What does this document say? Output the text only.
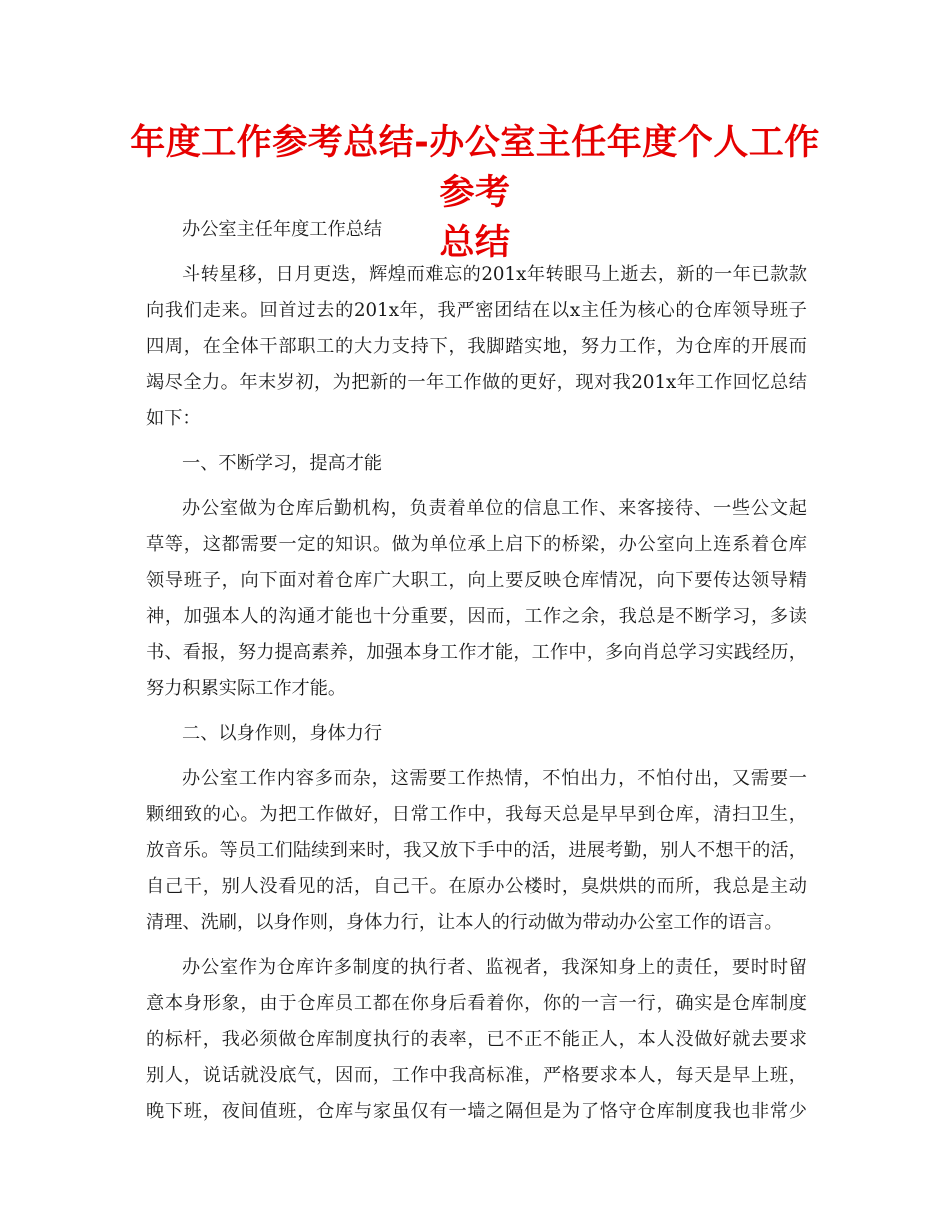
年度工作参考总结-办公室主任年度个人工作参考
总结
办公室主任年度工作总结
斗转星移，日月更迭，辉煌而难忘的201x年转眼马上逝去，新的一年已款款
向我们走来。回首过去的201x年，我严密团结在以x主任为核心的仓库领导班子
四周，在全体干部职工的大力支持下，我脚踏实地，努力工作，为仓库的开展而
竭尽全力。年末岁初，为把新的一年工作做的更好，现对我201x年工作回忆总结
如下：
一、不断学习，提高才能
办公室做为仓库后勤机构，负责着单位的信息工作、来客接待、一些公文起
草等，这都需要一定的知识。做为单位承上启下的桥梁，办公室向上连系着仓库
领导班子，向下面对着仓库广大职工，向上要反映仓库情况，向下要传达领导精
神，加强本人的沟通才能也十分重要，因而，工作之余，我总是不断学习，多读
书、看报，努力提高素养，加强本身工作才能，工作中，多向肖总学习实践经历，
努力积累实际工作才能。
二、以身作则，身体力行
办公室工作内容多而杂，这需要工作热情，不怕出力，不怕付出，又需要一
颗细致的心。为把工作做好，日常工作中，我每天总是早早到仓库，清扫卫生，
放音乐。等员工们陆续到来时，我又放下手中的活，进展考勤，别人不想干的活，
自己干，别人没看见的活，自己干。在原办公楼时，臭烘烘的而所，我总是主动
清理、洗刷，以身作则，身体力行，让本人的行动做为带动办公室工作的语言。
办公室作为仓库许多制度的执行者、监视者，我深知身上的责任，要时时留
意本身形象，由于仓库员工都在你身后看着你，你的一言一行，确实是仓库制度
的标杆，我必须做仓库制度执行的表率，已不正不能正人，本人没做好就去要求
别人，说话就没底气，因而，工作中我高标准，严格要求本人，每天是早上班，
晚下班，夜间值班，仓库与家虽仅有一墙之隔但是为了恪守仓库制度我也非常少
